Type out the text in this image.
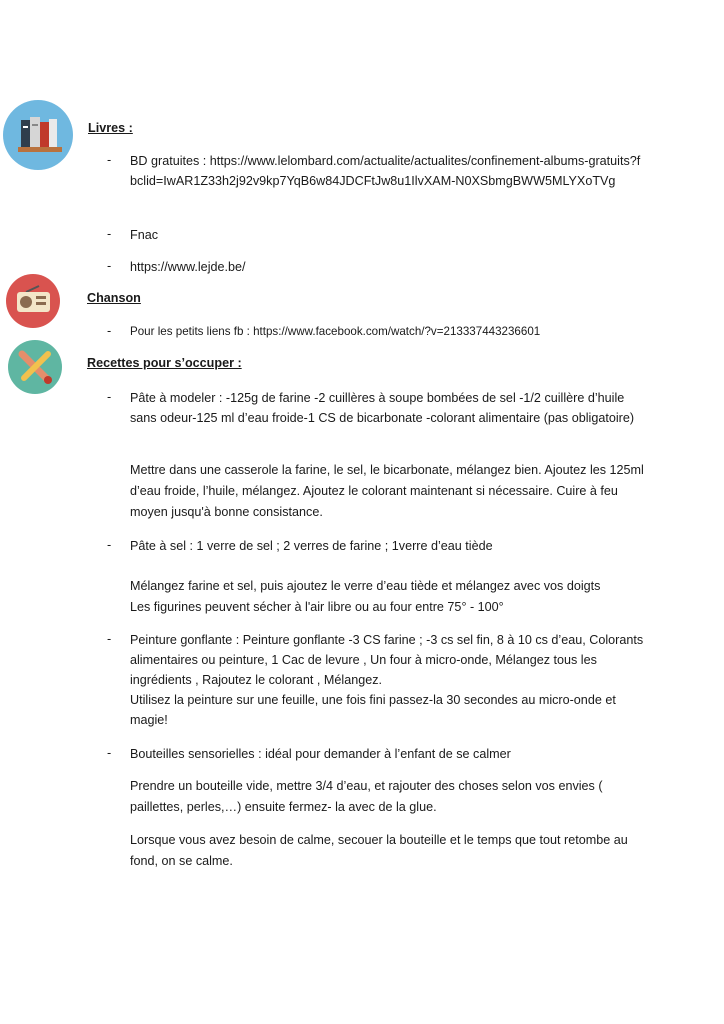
Livres :
- BD gratuites : https://www.lelombard.com/actualite/actualites/confinement-albums-gratuits?fbclid=IwAR1Z33h2j92v9kp7YqB6w84JDCFtJw8u1IlvXAM-N0XSbmgBWW5MLYXoTVg
- Fnac
- https://www.lejde.be/
Chanson
- Pour les petits liens fb : https://www.facebook.com/watch/?v=213337443236601
Recettes pour s’occuper :
- Pâte à modeler : -125g de farine -2 cuillères à soupe bombées de sel -1/2 cuillère d’huile sans odeur-125 ml d’eau froide-1 CS de bicarbonate -colorant alimentaire (pas obligatoire)
Mettre dans une casserole la farine, le sel, le bicarbonate, mélangez bien. Ajoutez les 125ml d’eau froide, l’huile, mélangez. Ajoutez le colorant maintenant si nécessaire. Cuire à feu moyen jusqu'à bonne consistance.
- Pâte à sel : 1 verre de sel ; 2 verres de farine ; 1verre d’eau tiède
Mélangez farine et sel, puis ajoutez le verre d’eau tiède et mélangez avec vos doigts
Les figurines peuvent sécher à l'air libre ou au four entre 75° - 100°
- Peinture gonflante : Peinture gonflante -3 CS farine ; -3 cs sel fin, 8 à 10 cs d’eau, Colorants alimentaires ou peinture, 1 Cac de levure , Un four à micro-onde, Mélangez tous les ingrédients , Rajoutez le colorant , Mélangez.
Utilisez la peinture sur une feuille, une fois fini passez-la 30 secondes au micro-onde et magie!
- Bouteilles sensorielles : idéal pour demander à l’enfant de se calmer
Prendre un bouteille vide, mettre 3/4 d’eau, et rajouter des choses selon vos envies ( paillettes, perles,…) ensuite fermez- la avec de la glue.
Lorsque vous avez besoin de calme, secouer la bouteille et le temps que tout retombe au fond, on se calme.
